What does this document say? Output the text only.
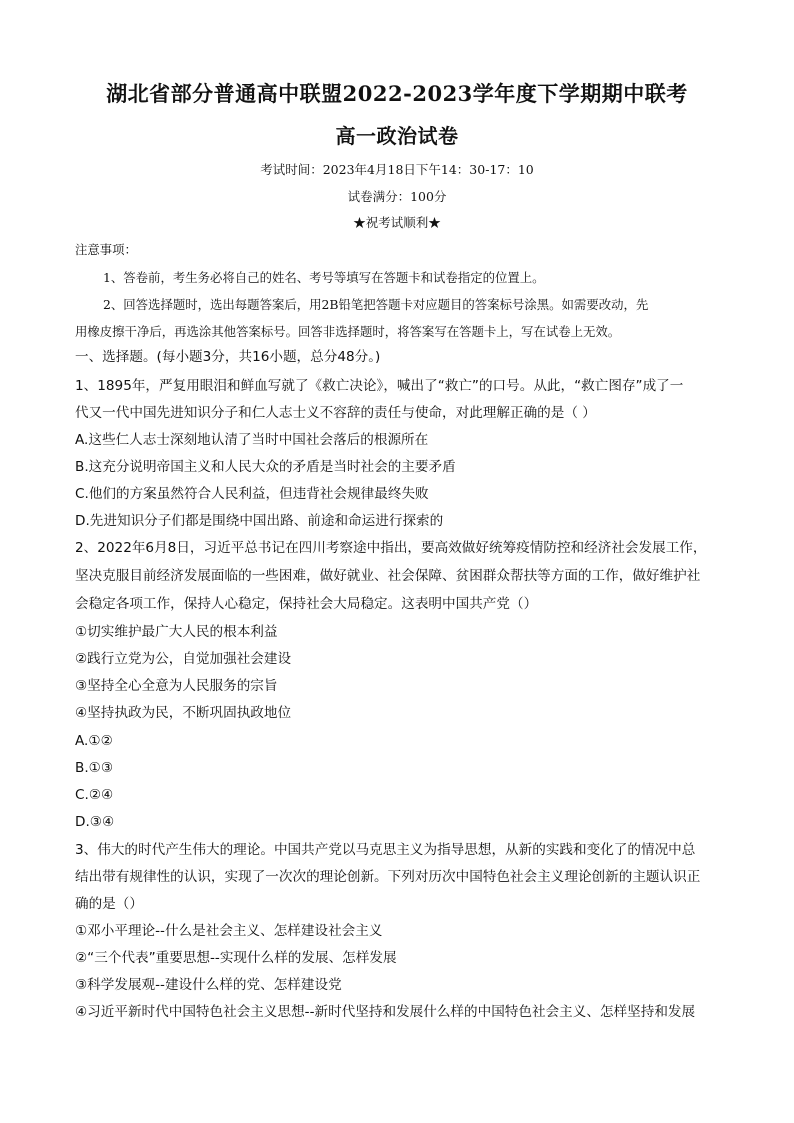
湖北省部分普通高中联盟2022-2023学年度下学期期中联考
高一政治试卷
考试时间：2023年4月18日下午14：30-17：10
试卷满分：100分
★祝考试顺利★
注意事项：
1、答卷前，考生务必将自己的姓名、考号等填写在答题卡和试卷指定的位置上。
2、回答选择题时，选出每题答案后，用2B铅笔把答题卡对应题目的答案标号涂黑。如需要改动，先
用橡皮擦干净后，再选涂其他答案标号。回答非选择题时，将答案写在答题卡上，写在试卷上无效。
一、选择题。(每小题3分，共16小题，总分48分。)
1、1895年，严复用眼泪和鲜血写就了《救亡决论》，喊出了“救亡”的口号。从此，“救亡图存”成了一
代又一代中国先进知识分子和仁人志士义不容辞的责任与使命，对此理解正确的是（ ）
A.这些仁人志士深刻地认清了当时中国社会落后的根源所在
B.这充分说明帝国主义和人民大众的矛盾是当时社会的主要矛盾
C.他们的方案虽然符合人民利益，但违背社会规律最终失败
D.先进知识分子们都是围绕中国出路、前途和命运进行探索的
2、2022年6月8日，习近平总书记在四川考察途中指出，要高效做好统筹疫情防控和经济社会发展工作，
坚决克服目前经济发展面临的一些困难，做好就业、社会保障、贫困群众帮扶等方面的工作，做好维护社
会稳定各项工作，保持人心稳定，保持社会大局稳定。这表明中国共产党（）
①切实维护最广大人民的根本利益
②践行立党为公，自觉加强社会建设
③坚持全心全意为人民服务的宗旨
④坚持执政为民，不断巩固执政地位
A.①②
B.①③
C.②④
D.③④
3、伟大的时代产生伟大的理论。中国共产党以马克思主义为指导思想，从新的实践和变化了的情况中总
结出带有规律性的认识，实现了一次次的理论创新。下列对历次中国特色社会主义理论创新的主题认识正
确的是（）
①邓小平理论--什么是社会主义、怎样建设社会主义
②“三个代表”重要思想--实现什么样的发展、怎样发展
③科学发展观--建设什么样的党、怎样建设党
④习近平新时代中国特色社会主义思想--新时代坚持和发展什么样的中国特色社会主义、怎样坚持和发展
